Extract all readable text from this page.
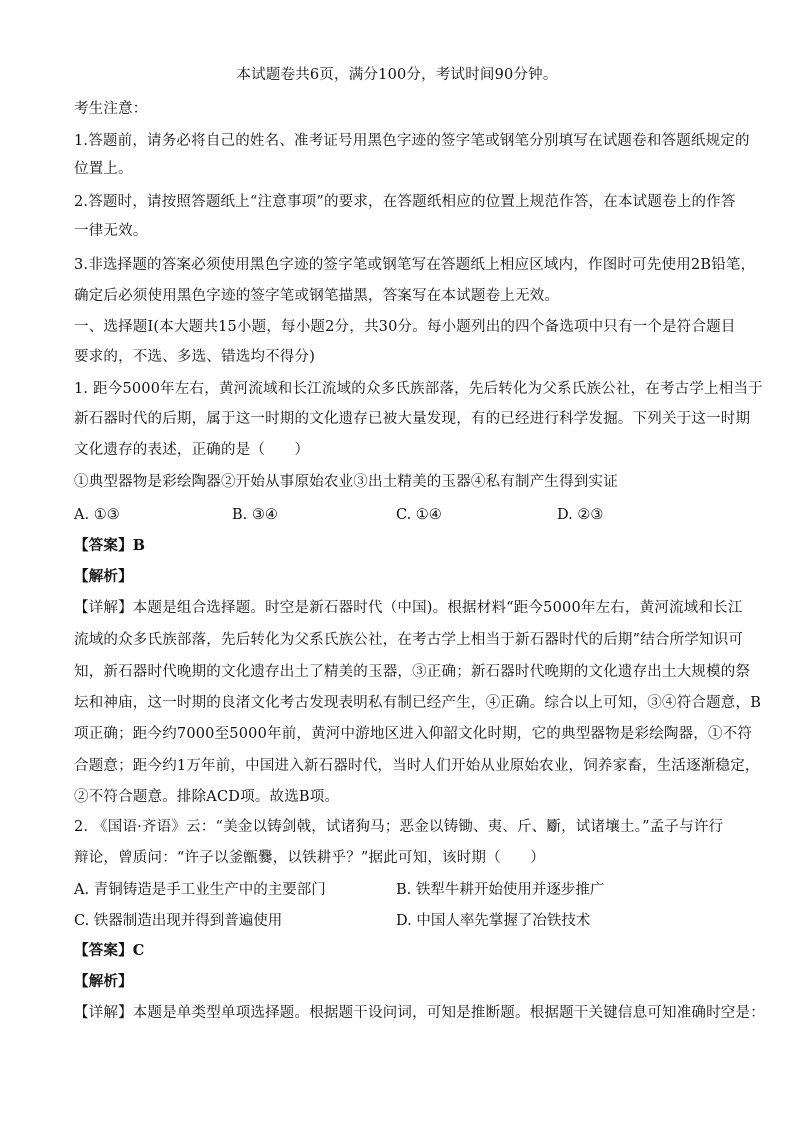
本试题卷共6页，满分100分，考试时间90分钟。
考生注意：
1.答题前，请务必将自己的姓名、准考证号用黑色字迹的签字笔或钢笔分别填写在试题卷和答题纸规定的
位置上。
2.答题时，请按照答题纸上“注意事项”的要求，在答题纸相应的位置上规范作答，在本试题卷上的作答
一律无效。
3.非选择题的答案必须使用黑色字迹的签字笔或钢笔写在答题纸上相应区域内，作图时可先使用2B铅笔，
确定后必须使用黑色字迹的签字笔或钢笔描黑，答案写在本试题卷上无效。
一、选择题Ⅰ(本大题共15小题，每小题2分，共30分。每小题列出的四个备选项中只有一个是符合题目
要求的，不选、多选、错选均不得分)
1. 距今5000年左右，黄河流域和长江流域的众多氏族部落，先后转化为父系氏族公社，在考古学上相当于
新石器时代的后期，属于这一时期的文化遗存已被大量发现，有的已经进行科学发掘。下列关于这一时期
文化遗存的表述，正确的是（　　）
①典型器物是彩绘陶器②开始从事原始农业③出土精美的玉器④私有制产生得到实证
A. ①③	B. ③④	C. ①④	D. ②③
【答案】B
【解析】
【详解】本题是组合选择题。时空是新石器时代（中国)。根据材料“距今5000年左右，黄河流域和长江
流域的众多氏族部落，先后转化为父系氏族公社，在考古学上相当于新石器时代的后期”结合所学知识可
知，新石器时代晚期的文化遗存出土了精美的玉器，③正确；新石器时代晚期的文化遗存出土大规模的祭
坛和神庙，这一时期的良渚文化考古发现表明私有制已经产生，④正确。综合以上可知，③④符合题意，B
项正确；距今约7000至5000年前，黄河中游地区进入仰韶文化时期，它的典型器物是彩绘陶器，①不符
合题意；距今约1万年前，中国进入新石器时代，当时人们开始从业原始农业，饲养家畜，生活逐渐稳定，
②不符合题意。排除ACD项。故选B项。
2. 《国语·齐语》云：“美金以铸剑戟，试诸狗马；恶金以铸锄、夷、斤、斸，试诸壤土。”孟子与许行
辩论，曾质问：“许子以釜甑爨，以铁耕乎？”据此可知，该时期（　　）
A. 青铜铸造是手工业生产中的主要部门	B. 铁犁牛耕开始使用并逐步推广
C. 铁器制造出现并得到普遍使用	D. 中国人率先掌握了冶铁技术
【答案】C
【解析】
【详解】本题是单类型单项选择题。根据题干设问词，可知是推断题。根据题干关键信息可知准确时空是：
